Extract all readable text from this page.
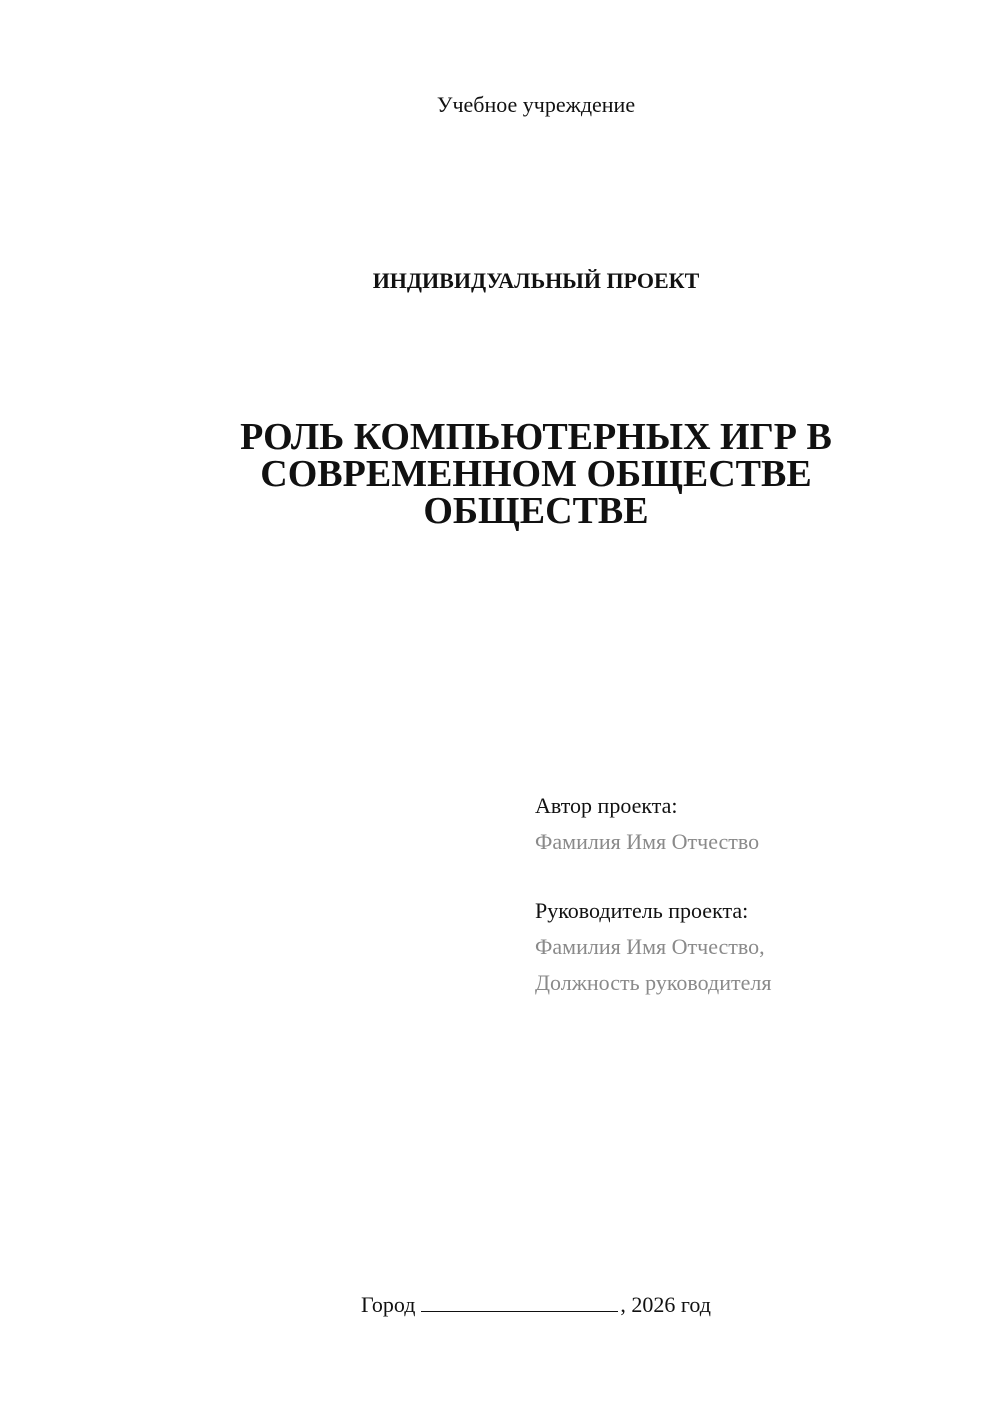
Учебное учреждение
ИНДИВИДУАЛЬНЫЙ ПРОЕКТ
РОЛЬ КОМПЬЮТЕРНЫХ ИГР В
СОВРЕМЕННОМ ОБЩЕСТВЕ
ОБЩЕСТВЕ
Автор проекта:
Фамилия Имя Отчество
Руководитель проекта:
Фамилия Имя Отчество,
Должность руководителя
Город	, 2026 год
